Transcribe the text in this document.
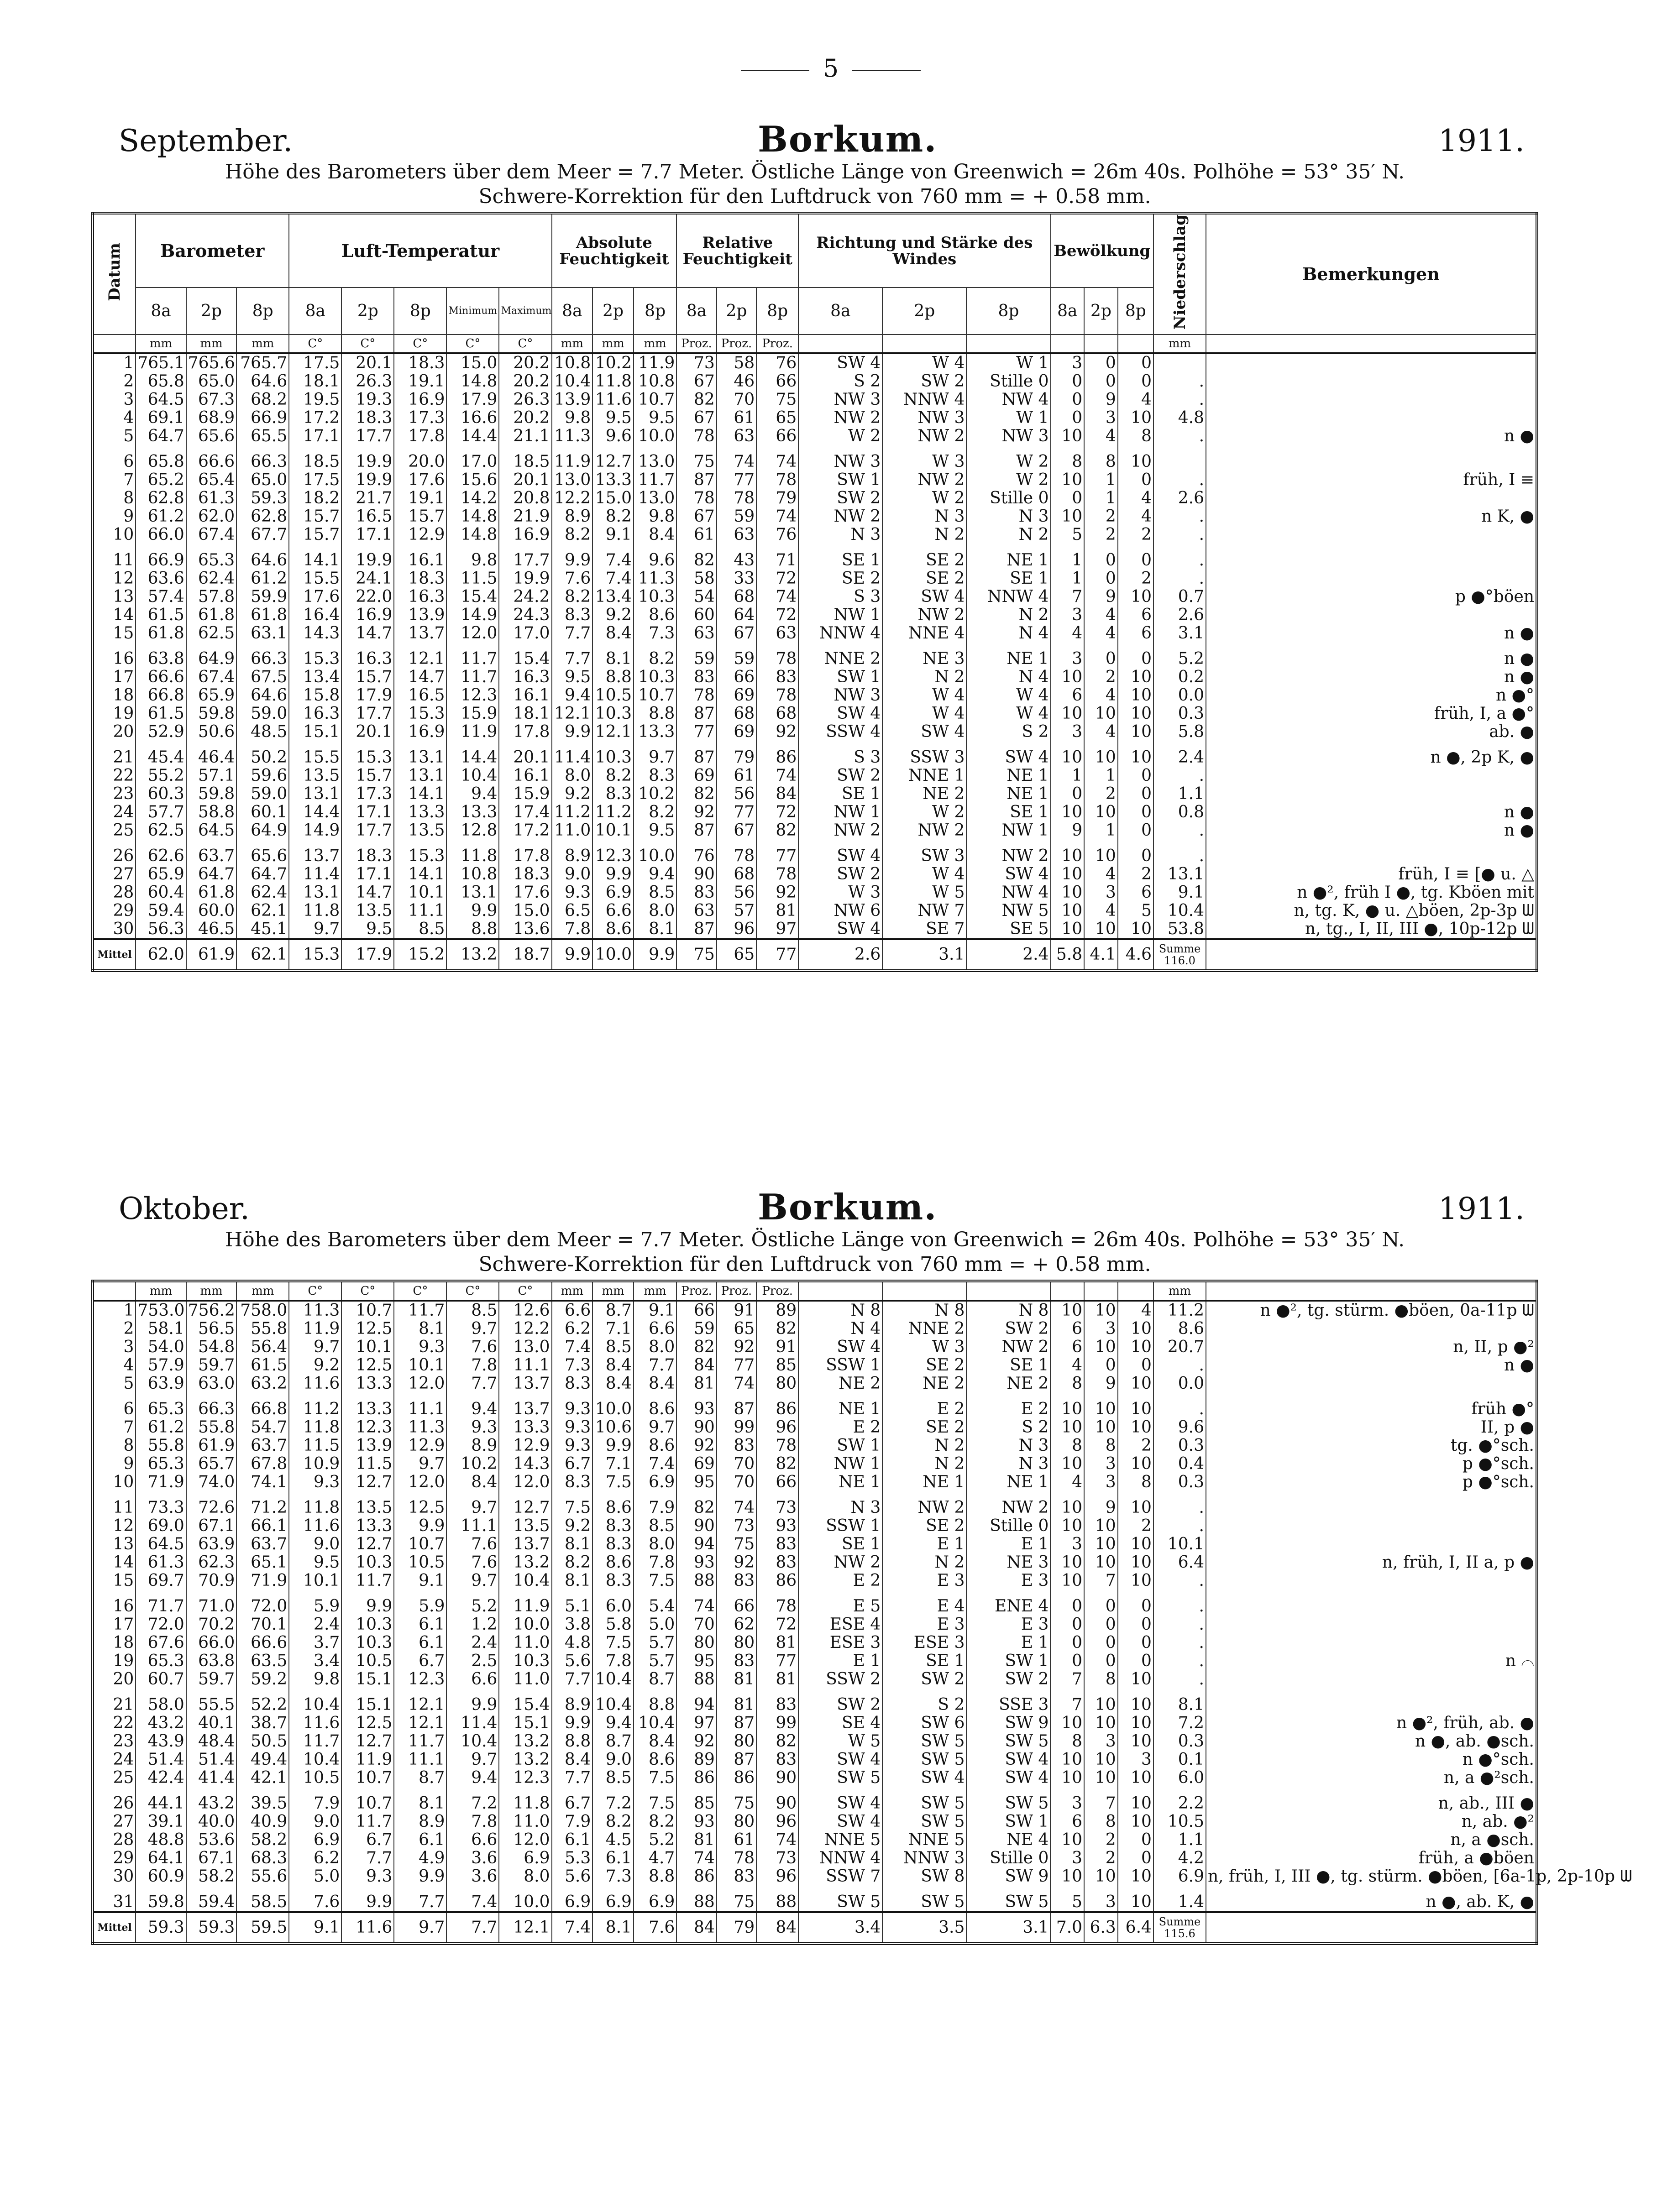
5
September.	Borkum.	1911.
Höhe des Barometers über dem Meer = 7.7 Meter. Östliche Länge von Greenwich = 26m 40s. Polhöhe = 53° 35′ N.
Schwere-Korrektion für den Luftdruck von 760 mm = + 0.58 mm.
Datum	Barometer			Luft-Temperatur					Absolute Feuchtigkeit			Relative Feuchtigkeit			Richtung und Stärke des Windes			Bewölkung			Niederschlag	Bemerkungen
	8a	2p	8p	8a	2p	8p	Minimum	Maximum	8a	2p	8p	8a	2p	8p	8a	2p	8p	8a	2p	8p		
	mm	mm	mm	C°	C°	C°	C°	C°	mm	mm	mm	Proz.	Proz.	Proz.							mm	
1	765.1	765.6	765.7	17.5	20.1	18.3	15.0	20.2	10.8	10.2	11.9	73	58	76	SW 4	W 4	W 1	3	0	0		
2	65.8	65.0	64.6	18.1	26.3	19.1	14.8	20.2	10.4	11.8	10.8	67	46	66	S 2	SW 2	Stille 0	0	0	0	.	
3	64.5	67.3	68.2	19.5	19.3	16.9	17.9	26.3	13.9	11.6	10.7	82	70	75	NW 3	NNW 4	NW 4	0	9	4	.	
4	69.1	68.9	66.9	17.2	18.3	17.3	16.6	20.2	9.8	9.5	9.5	67	61	65	NW 2	NW 3	W 1	0	3	10	4.8	
5	64.7	65.6	65.5	17.1	17.7	17.8	14.4	21.1	11.3	9.6	10.0	78	63	66	W 2	NW 2	NW 3	10	4	8	.	n ●
6	65.8	66.6	66.3	18.5	19.9	20.0	17.0	18.5	11.9	12.7	13.0	75	74	74	NW 3	W 3	W 2	8	8	10		
7	65.2	65.4	65.0	17.5	19.9	17.6	15.6	20.1	13.0	13.3	11.7	87	77	78	SW 1	NW 2	W 2	10	1	0	.	früh, I ≡
8	62.8	61.3	59.3	18.2	21.7	19.1	14.2	20.8	12.2	15.0	13.0	78	78	79	SW 2	W 2	Stille 0	0	1	4	2.6	
9	61.2	62.0	62.8	15.7	16.5	15.7	14.8	21.9	8.9	8.2	9.8	67	59	74	NW 2	N 3	N 3	10	2	4	.	n K, ●
10	66.0	67.4	67.7	15.7	17.1	12.9	14.8	16.9	8.2	9.1	8.4	61	63	76	N 3	N 2	N 2	5	2	2	.	
11	66.9	65.3	64.6	14.1	19.9	16.1	9.8	17.7	9.9	7.4	9.6	82	43	71	SE 1	SE 2	NE 1	1	0	0	.	
12	63.6	62.4	61.2	15.5	24.1	18.3	11.5	19.9	7.6	7.4	11.3	58	33	72	SE 2	SE 2	SE 1	1	0	2	.	
13	57.4	57.8	59.9	17.6	22.0	16.3	15.4	24.2	8.2	13.4	10.3	54	68	74	S 3	SW 4	NNW 4	7	9	10	0.7	p ●°böen
14	61.5	61.8	61.8	16.4	16.9	13.9	14.9	24.3	8.3	9.2	8.6	60	64	72	NW 1	NW 2	N 2	3	4	6	2.6	
15	61.8	62.5	63.1	14.3	14.7	13.7	12.0	17.0	7.7	8.4	7.3	63	67	63	NNW 4	NNE 4	N 4	4	4	6	3.1	n ●
16	63.8	64.9	66.3	15.3	16.3	12.1	11.7	15.4	7.7	8.1	8.2	59	59	78	NNE 2	NE 3	NE 1	3	0	0	5.2	n ●
17	66.6	67.4	67.5	13.4	15.7	14.7	11.7	16.3	9.5	8.8	10.3	83	66	83	SW 1	N 2	N 4	10	2	10	0.2	n ●
18	66.8	65.9	64.6	15.8	17.9	16.5	12.3	16.1	9.4	10.5	10.7	78	69	78	NW 3	W 4	W 4	6	4	10	0.0	n ●°
19	61.5	59.8	59.0	16.3	17.7	15.3	15.9	18.1	12.1	10.3	8.8	87	68	68	SW 4	W 4	W 4	10	10	10	0.3	früh, I, a ●°
20	52.9	50.6	48.5	15.1	20.1	16.9	11.9	17.8	9.9	12.1	13.3	77	69	92	SSW 4	SW 4	S 2	3	4	10	5.8	ab. ●
21	45.4	46.4	50.2	15.5	15.3	13.1	14.4	20.1	11.4	10.3	9.7	87	79	86	S 3	SSW 3	SW 4	10	10	10	2.4	n ●, 2p K, ●
22	55.2	57.1	59.6	13.5	15.7	13.1	10.4	16.1	8.0	8.2	8.3	69	61	74	SW 2	NNE 1	NE 1	1	1	0	.	
23	60.3	59.8	59.0	13.1	17.3	14.1	9.4	15.9	9.2	8.3	10.2	82	56	84	SE 1	NE 2	NE 1	0	2	0	1.1	
24	57.7	58.8	60.1	14.4	17.1	13.3	13.3	17.4	11.2	11.2	8.2	92	77	72	NW 1	W 2	SE 1	10	10	0	0.8	n ●
25	62.5	64.5	64.9	14.9	17.7	13.5	12.8	17.2	11.0	10.1	9.5	87	67	82	NW 2	NW 2	NW 1	9	1	0	.	n ●
26	62.6	63.7	65.6	13.7	18.3	15.3	11.8	17.8	8.9	12.3	10.0	76	78	77	SW 4	SW 3	NW 2	10	10	0	.	
27	65.9	64.7	64.7	11.4	17.1	14.1	10.8	18.3	9.0	9.9	9.4	90	68	78	SW 2	W 4	SW 4	10	4	2	13.1	früh, I ≡ [● u. △
28	60.4	61.8	62.4	13.1	14.7	10.1	13.1	17.6	9.3	6.9	8.5	83	56	92	W 3	W 5	NW 4	10	3	6	9.1	n ●², früh I ●, tg. Kböen mit
29	59.4	60.0	62.1	11.8	13.5	11.1	9.9	15.0	6.5	6.6	8.0	63	57	81	NW 6	NW 7	NW 5	10	4	5	10.4	n, tg. K, ● u. △böen, 2p-3p ᗯ
30	56.3	46.5	45.1	9.7	9.5	8.5	8.8	13.6	7.8	8.6	8.1	87	96	97	SW 4	SE 7	SE 5	10	10	10	53.8	n, tg., I, II, III ●, 10p-12p ᗯ
Mittel	62.0	61.9	62.1	15.3	17.9	15.2	13.2	18.7	9.9	10.0	9.9	75	65	77	2.6	3.1	2.4	5.8	4.1	4.6	Summe
116.0	

Oktober.	Borkum.	1911.
Höhe des Barometers über dem Meer = 7.7 Meter. Östliche Länge von Greenwich = 26m 40s. Polhöhe = 53° 35′ N.
Schwere-Korrektion für den Luftdruck von 760 mm = + 0.58 mm.
	mm	mm	mm	C°	C°	C°	C°	C°	mm	mm	mm	Proz.	Proz.	Proz.							mm	
1	753.0	756.2	758.0	11.3	10.7	11.7	8.5	12.6	6.6	8.7	9.1	66	91	89	N 8	N 8	N 8	10	10	4	11.2	n ●², tg. stürm. ●böen, 0a-11p ᗯ
2	58.1	56.5	55.8	11.9	12.5	8.1	9.7	12.2	6.2	7.1	6.6	59	65	82	N 4	NNE 2	SW 2	6	3	10	8.6	
3	54.0	54.8	56.4	9.7	10.1	9.3	7.6	13.0	7.4	8.5	8.0	82	92	91	SW 4	W 3	NW 2	6	10	10	20.7	n, II, p ●²
4	57.9	59.7	61.5	9.2	12.5	10.1	7.8	11.1	7.3	8.4	7.7	84	77	85	SSW 1	SE 2	SE 1	4	0	0	.	n ●
5	63.9	63.0	63.2	11.6	13.3	12.0	7.7	13.7	8.3	8.4	8.4	81	74	80	NE 2	NE 2	NE 2	8	9	10	0.0	
6	65.3	66.3	66.8	11.2	13.3	11.1	9.4	13.7	9.3	10.0	8.6	93	87	86	NE 1	E 2	E 2	10	10	10	.	früh ●°
7	61.2	55.8	54.7	11.8	12.3	11.3	9.3	13.3	9.3	10.6	9.7	90	99	96	E 2	SE 2	S 2	10	10	10	9.6	II, p ●
8	55.8	61.9	63.7	11.5	13.9	12.9	8.9	12.9	9.3	9.9	8.6	92	83	78	SW 1	N 2	N 3	8	8	2	0.3	tg. ●°sch.
9	65.3	65.7	67.8	10.9	11.5	9.7	10.2	14.3	6.7	7.1	7.4	69	70	82	NW 1	N 2	N 3	10	3	10	0.4	p ●°sch.
10	71.9	74.0	74.1	9.3	12.7	12.0	8.4	12.0	8.3	7.5	6.9	95	70	66	NE 1	NE 1	NE 1	4	3	8	0.3	p ●°sch.
11	73.3	72.6	71.2	11.8	13.5	12.5	9.7	12.7	7.5	8.6	7.9	82	74	73	N 3	NW 2	NW 2	10	9	10	.	
12	69.0	67.1	66.1	11.6	13.3	9.9	11.1	13.5	9.2	8.3	8.5	90	73	93	SSW 1	SE 2	Stille 0	10	10	2	.	
13	64.5	63.9	63.7	9.0	12.7	10.7	7.6	13.7	8.1	8.3	8.0	94	75	83	SE 1	E 1	E 1	3	10	10	10.1	
14	61.3	62.3	65.1	9.5	10.3	10.5	7.6	13.2	8.2	8.6	7.8	93	92	83	NW 2	N 2	NE 3	10	10	10	6.4	n, früh, I, II a, p ●
15	69.7	70.9	71.9	10.1	11.7	9.1	9.7	10.4	8.1	8.3	7.5	88	83	86	E 2	E 3	E 3	10	7	10	.	
16	71.7	71.0	72.0	5.9	9.9	5.9	5.2	11.9	5.1	6.0	5.4	74	66	78	E 5	E 4	ENE 4	0	0	0	.	
17	72.0	70.2	70.1	2.4	10.3	6.1	1.2	10.0	3.8	5.8	5.0	70	62	72	ESE 4	E 3	E 3	0	0	0	.	
18	67.6	66.0	66.6	3.7	10.3	6.1	2.4	11.0	4.8	7.5	5.7	80	80	81	ESE 3	ESE 3	E 1	0	0	0	.	
19	65.3	63.8	63.5	3.4	10.5	6.7	2.5	10.3	5.6	7.8	5.7	95	83	77	E 1	SE 1	SW 1	0	0	0	.	n ⌓
20	60.7	59.7	59.2	9.8	15.1	12.3	6.6	11.0	7.7	10.4	8.7	88	81	81	SSW 2	SW 2	SW 2	7	8	10	.	
21	58.0	55.5	52.2	10.4	15.1	12.1	9.9	15.4	8.9	10.4	8.8	94	81	83	SW 2	S 2	SSE 3	7	10	10	8.1	
22	43.2	40.1	38.7	11.6	12.5	12.1	11.4	15.1	9.9	9.4	10.4	97	87	99	SE 4	SW 6	SW 9	10	10	10	7.2	n ●², früh, ab. ●
23	43.9	48.4	50.5	11.7	12.7	11.7	10.4	13.2	8.8	8.7	8.4	92	80	82	W 5	SW 5	SW 5	8	3	10	0.3	n ●, ab. ●sch.
24	51.4	51.4	49.4	10.4	11.9	11.1	9.7	13.2	8.4	9.0	8.6	89	87	83	SW 4	SW 5	SW 4	10	10	3	0.1	n ●°sch.
25	42.4	41.4	42.1	10.5	10.7	8.7	9.4	12.3	7.7	8.5	7.5	86	86	90	SW 5	SW 4	SW 4	10	10	10	6.0	n, a ●²sch.
26	44.1	43.2	39.5	7.9	10.7	8.1	7.2	11.8	6.7	7.2	7.5	85	75	90	SW 4	SW 5	SW 5	3	7	10	2.2	n, ab., III ●
27	39.1	40.0	40.9	9.0	11.7	8.9	7.8	11.0	7.9	8.2	8.2	93	80	96	SW 4	SW 5	SW 1	6	8	10	10.5	n, ab. ●²
28	48.8	53.6	58.2	6.9	6.7	6.1	6.6	12.0	6.1	4.5	5.2	81	61	74	NNE 5	NNE 5	NE 4	10	2	0	1.1	n, a ●sch.
29	64.1	67.1	68.3	6.2	7.7	4.9	3.6	6.9	5.3	6.1	4.7	74	78	73	NNW 4	NNW 3	Stille 0	3	2	0	4.2	früh, a ●böen
30	60.9	58.2	55.6	5.0	9.3	9.9	3.6	8.0	5.6	7.3	8.8	86	83	96	SSW 7	SW 8	SW 9	10	10	10	6.9	n, früh, I, III ●, tg. stürm. ●böen, [6a-1p, 2p-10p ᗯ
31	59.8	59.4	58.5	7.6	9.9	7.7	7.4	10.0	6.9	6.9	6.9	88	75	88	SW 5	SW 5	SW 5	5	3	10	1.4	n ●, ab. K, ●
Mittel	59.3	59.3	59.5	9.1	11.6	9.7	7.7	12.1	7.4	8.1	7.6	84	79	84	3.4	3.5	3.1	7.0	6.3	6.4	Summe
115.6	
